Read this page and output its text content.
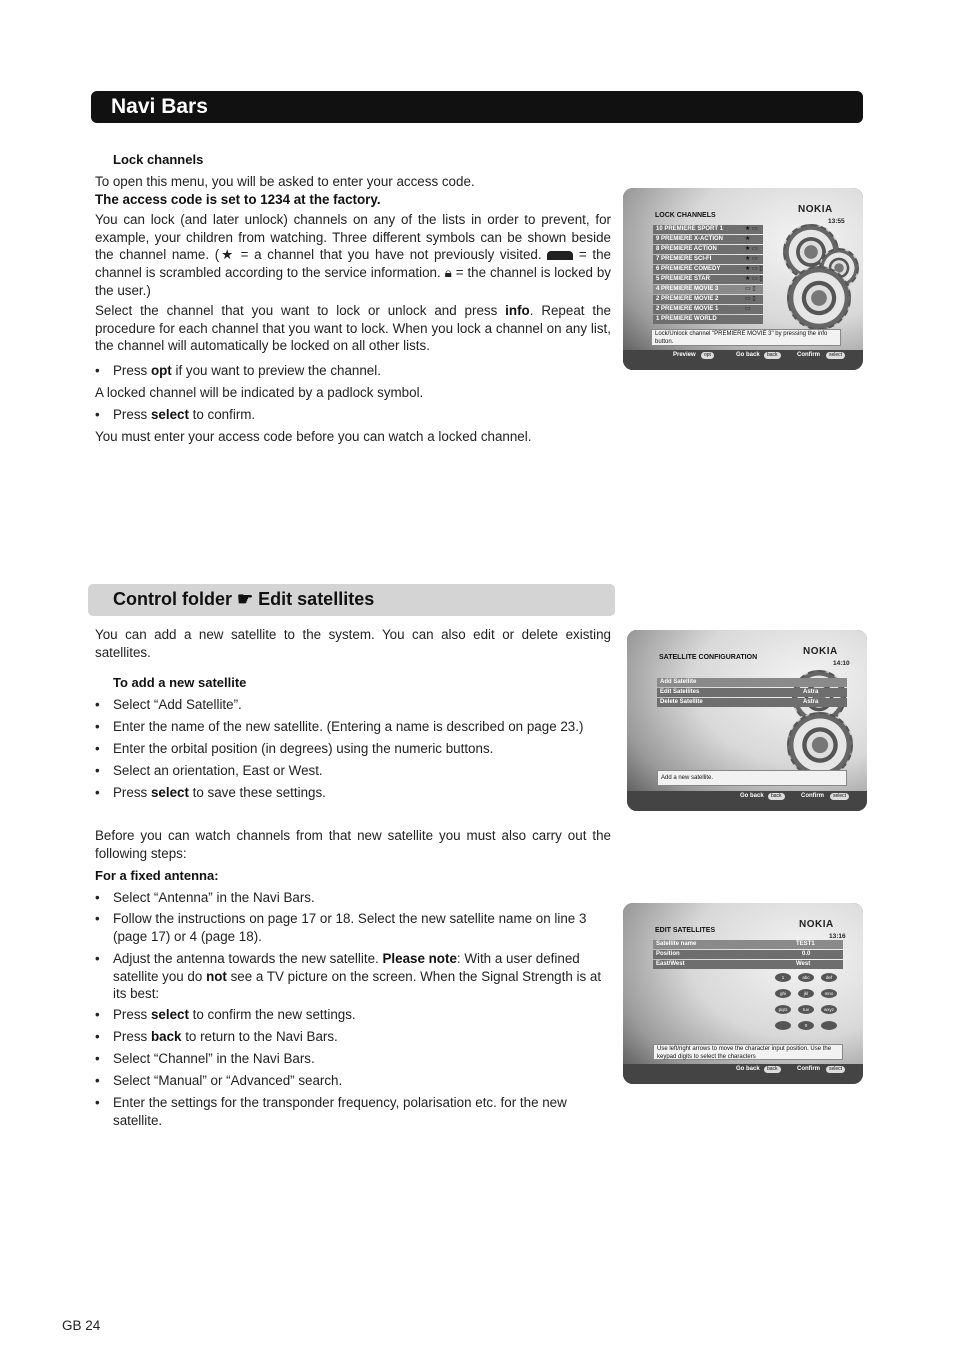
Navi Bars
Lock channels

To open this menu, you will be asked to enter your access code.

The access code is set to 1234 at the factory.

You can lock (and later unlock) channels on any of the lists in order to prevent, for example, your children from watching. Three different symbols can be shown beside the channel name. (★ = a channel that you have not previously visited.  = the channel is scrambled according to the service information. 🔒︎ = the channel is locked by the user.)

Select the channel that you want to lock or unlock and press info. Repeat the procedure for each channel that you want to lock. When you lock a channel on any list, the channel will automatically be locked on all other lists.

• Press opt if you want to preview the channel.
A locked channel will be indicated by a padlock symbol.
• Press select to confirm.
You must enter your access code before you can watch a locked channel.
LOCK CHANNELS
NOKIA
13:55
10 PREMIERE SPORT 1	★ ▭
9 PREMIERE X-ACTION	★
8 PREMIERE ACTION	★ ▭
7 PREMIERE SCI-FI	★ ▭
6 PREMIERE COMEDY	★ ▭ ▯
5 PREMIERE STAR	★ ▭ ▯
4 PREMIERE MOVIE 3	▭ ▯
2 PREMIERE MOVIE 2	▭ ▯
2 PREMIERE MOVIE 1	▭
1 PREMIERE WORLD
Lock/Unlock channel "PREMIERE MOVIE 3" by pressing the info button.
Preview	opt	Go back	back	Confirm	select
Control folder ☛ Edit satellites
You can add a new satellite to the system. You can also edit or delete existing satellites.
To add a new satellite
• Select “Add Satellite”.
• Enter the name of the new satellite. (Entering a name is described on page 23.)
• Enter the orbital position (in degrees) using the numeric buttons.
• Select an orientation, East or West.
• Press select to save these settings.
Before you can watch channels from that new satellite you must also carry out the following steps:
For a fixed antenna:
• Select “Antenna” in the Navi Bars.
• Follow the instructions on page 17 or 18. Select the new satellite name on line 3 (page 17) or 4 (page 18).
• Adjust the antenna towards the new satellite. Please note: With a user defined satellite you do not see a TV picture on the screen. When the Signal Strength is at its best:
• Press select to confirm the new settings.
• Press back to return to the Navi Bars.
• Select “Channel” in the Navi Bars.
• Select “Manual” or “Advanced” search.
• Enter the settings for the transponder frequency, polarisation etc. for the new satellite.
SATELLITE CONFIGURATION
NOKIA
14:10
Add Satellite
Edit Satellites	Astra
Delete Satellite	Astra
Add a new satellite.
Go back	back	Confirm	select
EDIT SATELLITES
NOKIA
13:16
Satellite name	TEST1
Position	0.0
East/West	West
1	abc	def
ghi	jkl	mno
pqrs	tuv	wxyz
0
Use left/right arrows to move the character input position. Use the keypad digits to select the characters
Go back	back	Confirm	select
GB 24
